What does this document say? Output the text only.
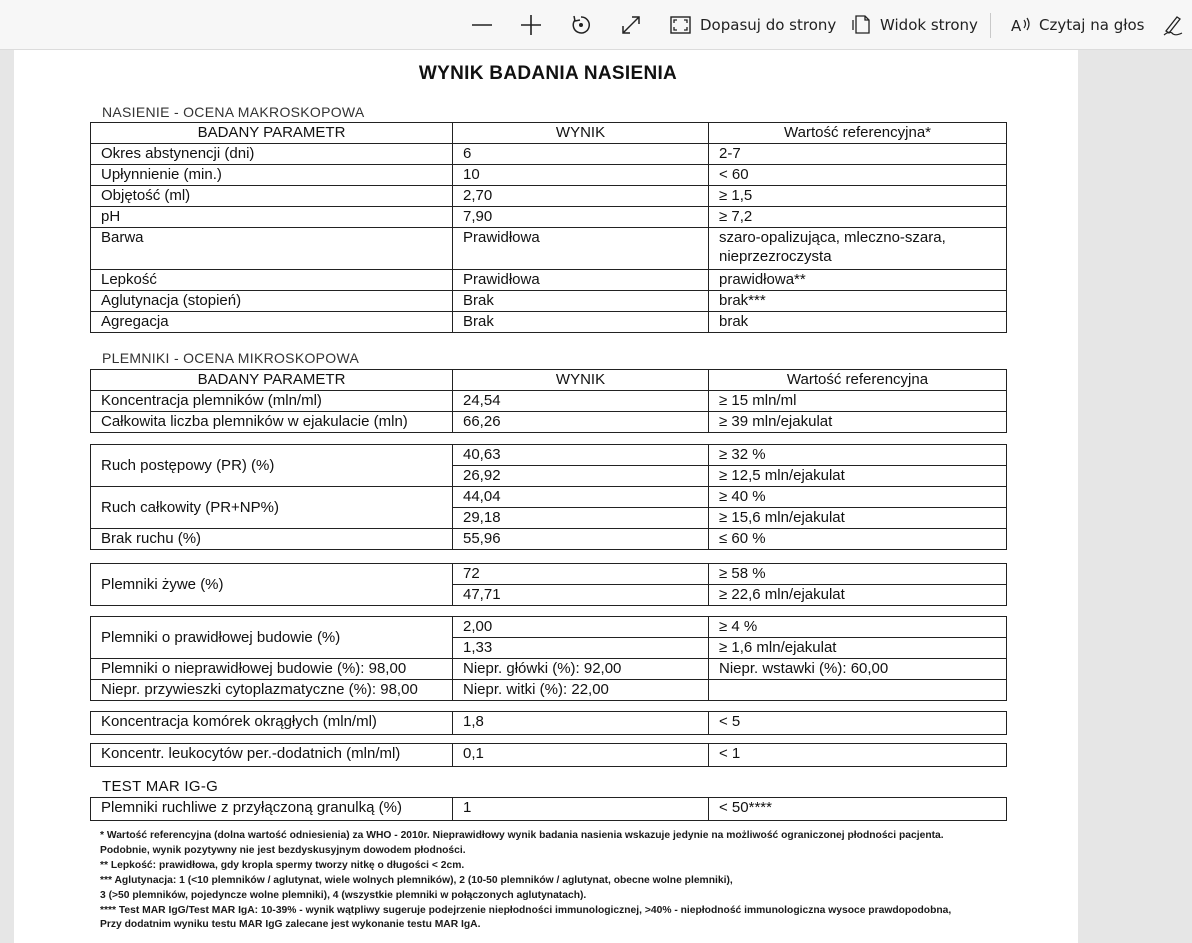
Dopasuj do strony	Widok strony A Czytaj na głos
WYNIK BADANIA NASIENIA
NASIENIE - OCENA MAKROSKOPOWA
BADANY PARAMETR	WYNIK	Wartość referencyjna*
Okres abstynencji (dni)	6	2-7
Upłynnienie (min.)	10	< 60
Objętość (ml)	2,70	≥ 1,5
pH	7,90	≥ 7,2
Barwa	Prawidłowa	szaro-opalizująca, mleczno-szara, nieprzezroczysta
Lepkość	Prawidłowa	prawidłowa**
Aglutynacja (stopień)	Brak	brak***
Agregacja	Brak	brak
PLEMNIKI - OCENA MIKROSKOPOWA
BADANY PARAMETR	WYNIK	Wartość referencyjna
Koncentracja plemników (mln/ml)	24,54	≥ 15 mln/ml
Całkowita liczba plemników w ejakulacie (mln)	66,26	≥ 39 mln/ejakulat
Ruch postępowy (PR) (%)	40,63	≥ 32 %
	26,92	≥ 12,5 mln/ejakulat
Ruch całkowity (PR+NP%)	44,04	≥ 40 %
	29,18	≥ 15,6 mln/ejakulat
Brak ruchu (%)	55,96	≤ 60 %
Plemniki żywe (%)	72	≥ 58 %
	47,71	≥ 22,6 mln/ejakulat
Plemniki o prawidłowej budowie (%)	2,00	≥ 4 %
	1,33	≥ 1,6 mln/ejakulat
Plemniki o nieprawidłowej budowie (%): 98,00	Niepr. główki (%): 92,00	Niepr. wstawki (%): 60,00
Niepr. przywieszki cytoplazmatyczne (%): 98,00	Niepr. witki (%): 22,00	
Koncentracja komórek okrągłych (mln/ml)	1,8	< 5
Koncentr. leukocytów per.-dodatnich (mln/ml)	0,1	< 1
TEST MAR IG-G
Plemniki ruchliwe z przyłączoną granulką (%)	1	< 50****
* Wartość referencyjna (dolna wartość odniesienia) za WHO - 2010r. Nieprawidłowy wynik badania nasienia wskazuje jedynie na możliwość ograniczonej płodności pacjenta.
Podobnie, wynik pozytywny nie jest bezdyskusyjnym dowodem płodności.
** Lepkość: prawidłowa, gdy kropla spermy tworzy nitkę o długości < 2cm.
*** Aglutynacja: 1 (<10 plemników / aglutynat, wiele wolnych plemników), 2 (10-50 plemników / aglutynat, obecne wolne plemniki),
3 (>50 plemników, pojedyncze wolne plemniki), 4 (wszystkie plemniki w połączonych aglutynatach).
**** Test MAR IgG/Test MAR IgA: 10-39% - wynik wątpliwy sugeruje podejrzenie niepłodności immunologicznej, >40% - niepłodność immunologiczna wysoce prawdopodobna,
Przy dodatnim wyniku testu MAR IgG zalecane jest wykonanie testu MAR IgA.
